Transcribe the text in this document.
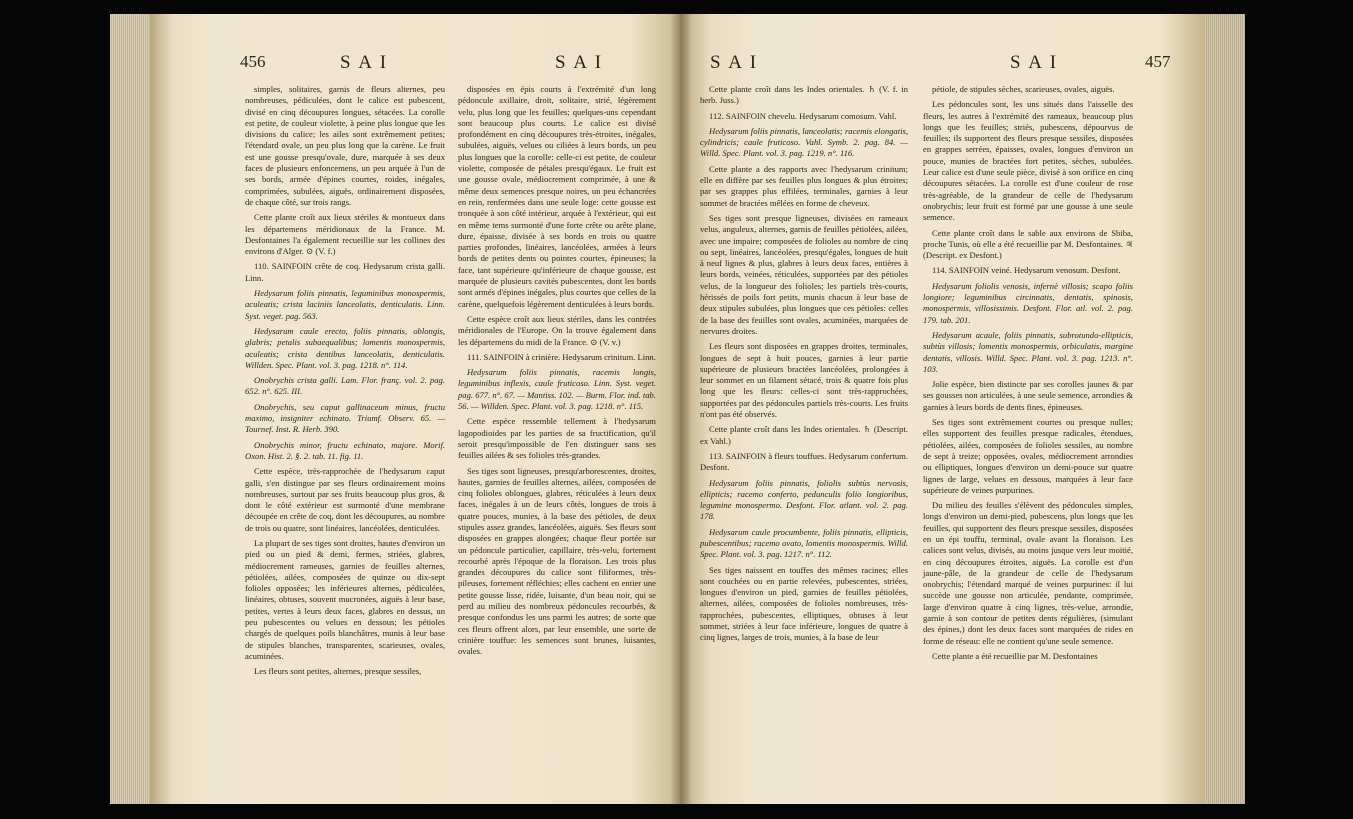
456	S A I	S A I

simples, solitaires, garnis de fleurs alternes, peu nombreuses, pédiculées, dont le calice est pubescent, divisé en cinq découpures longues, sétacées. La corolle est petite, de couleur violette, à peine plus longue que les divisions du calice; les ailes sont extrêmement petites; l'étendard ovale, un peu plus long que la carène. Le fruit est une gousse presqu'ovale, dure, marquée à ses deux faces de plusieurs enfoncemens, un peu arquée à l'un de ses bords, armée d'épines courtes, roides, inégales, comprimées, subulées, aiguës, ordinairement disposées, de chaque côté, sur trois rangs.

Cette plante croît aux lieux stériles & montueux dans les départemens méridionaux de la France. M. Desfontaines l'a également recueillie sur les collines des environs d'Alger. ⊙ (V. f.)

110. SAINFOIN crête de coq. Hedysarum crista galli. Linn.

Hedysarum foliis pinnatis, leguminibus monospermis, aculeatis; crista laciniis lanceolatis, denticulatis. Linn. Syst. veget. pag. 563.

Hedysarum caule erecto, foliis pinnatis, oblongis, glabris; petalis subaequalibus; lomentis monospermis, aculeatis; crista dentibus lanceolatis, denticulatis. Willden. Spec. Plant. vol. 3. pag. 1218. n°. 114.

Onobrychis crista galli. Lam. Flor. franç. vol. 2. pag. 652. n°. 625. III.

Onobrychis, seu caput gallinaceum minus, fructu maximo, insigniter echinato. Triumf. Observ. 65. — Tournef. Inst. R. Herb. 390.

Onobrychis minor, fructu echinato, majore. Morif. Oxon. Hist. 2. §. 2. tab. 11. fig. 11.

Cette espèce, très-rapprochée de l'hedysarum caput galli, s'en distingue par ses fleurs ordinairement moins nombreuses, surtout par ses fruits beaucoup plus gros, & dont le côté extérieur est surmonté d'une membrane découpée en crête de coq, dont les découpures, au nombre de trois ou quatre, sont linéaires, lancéolées, denticulées.

La plupart de ses tiges sont droites, hautes d'environ un pied ou un pied & demi, fermes, striées, glabres, médiocrement rameuses, garnies de feuilles alternes, pétiolées, ailées, composées de quinze ou dix-sept folioles opposées; les inférieures alternes, pédiculées, linéaires, obtuses, souvent mucronées, aiguës à leur base, petites, vertes à leurs deux faces, glabres en dessus, un peu pubescentes ou velues en dessous; les pétioles chargés de quelques poils blanchâtres, munis à leur base de stipules blanches, transparentes, scarieuses, ovales, acuminées.

Les fleurs sont petites, alternes, presque sessiles,

disposées en épis courts à l'extrémité d'un long pédoncule axillaire, droit, solitaire, strié, légèrement velu, plus long que les feuilles; quelques-uns cependant sont beaucoup plus courts. Le calice est divisé profondément en cinq découpures très-étroites, inégales, subulées, aiguës, velues ou ciliées à leurs bords, un peu plus longues que la corolle: celle-ci est petite, de couleur violette, composée de pétales presqu'égaux. Le fruit est une gousse ovale, médiocrement comprimée, à une & même deux semences presque noires, un peu échancrées en rein, renfermées dans une seule loge: cette gousse est tronquée à son côté intérieur, arquée à l'extérieur, qui est en même tems surmonté d'une forte crête ou arête plane, dure, épaisse, divisée à ses bords en trois ou quatre parties profondes, linéaires, lancéolées, armées à leurs bords de petites dents ou pointes courtes, épineuses; la face, tant supérieure qu'inférieure de chaque gousse, est marquée de plusieurs cavités pubescentes, dont les bords sont armés d'épines inégales, plus courtes que celles de la carène, quelquefois légèrement denticulées à leurs bords.

Cette espèce croît aux lieux stériles, dans les contrées méridionales de l'Europe. On la trouve également dans les départemens du midi de la France. ⊙ (V. v.)

111. SAINFOIN à crinière. Hedysarum crinitum. Linn.

Hedysarum foliis pinnatis, racemis longis, leguminibus inflexis, caule fruticoso. Linn. Syst. veget. pag. 677. n°. 67. — Mantiss. 102. — Burm. Flor. ind. tab. 56. — Willden. Spec. Plant. vol. 3. pag. 1218. n°. 115.

Cette espèce ressemble tellement à l'hedysarum lagopodioides par les parties de sa fructification, qu'il seroit presqu'impossible de l'en distinguer sans ses feuilles ailées & ses folioles très-grandes.

Ses tiges sont ligneuses, presqu'arborescentes, droites, hautes, garnies de feuilles alternes, ailées, composées de cinq folioles oblongues, glabres, réticulées à leurs deux faces, inégales à un de leurs côtés, longues de trois à quatre pouces, munies, à la base des pétioles, de deux stipules assez grandes, lancéolées, aiguës. Ses fleurs sont disposées en grappes alongées; chaque fleur portée sur un pédoncule particulier, capillaire, très-velu, fortement recourbé après l'époque de la floraison. Les trois plus grandes découpures du calice sont filiformes, très-pileuses, fortement réfléchies; elles cachent en entier une petite gousse lisse, ridée, luisante, d'un beau noir, qui se perd au milieu des nombreux pédoncules recourbés, & presque confondus les uns parmi les autres; de sorte que ces fleurs offrent alors, par leur ensemble, une sorte de crinière touffue: les semences sont brunes, luisantes, ovales.

S A I	S A I	457

Cette plante croît dans les Indes orientales. ♄ (V. f. in herb. Juss.)

112. SAINFOIN chevelu. Hedysarum comosum. Vahl.

Hedysarum foliis pinnatis, lanceolatis; racemis elongatis, cylindricis; caule fruticoso. Vahl. Symb. 2. pag. 84. — Willd. Spec. Plant. vol. 3. pag. 1219. n°. 116.

Cette plante a des rapports avec l'hedysarum crinitum; elle en diffère par ses feuilles plus longues & plus étroites; par ses grappes plus effilées, terminales, garnies à leur sommet de bractées mêlées en forme de cheveux.

Ses tiges sont presque ligneuses, divisées en rameaux velus, anguleux, alternes, garnis de feuilles pétiolées, ailées, avec une impaire; composées de folioles au nombre de cinq ou sept, linéaires, lancéolées, presqu'égales, longues de huit à neuf lignes & plus, glabres à leurs deux faces, entières à leurs bords, veinées, réticulées, supportées par des pétioles velus, de la longueur des folioles; les partiels très-courts, hérissés de poils fort petits, munis chacun à leur base de deux stipules subulées, plus longues que ces pétioles: celles de la base des feuilles sont ovales, acuminées, marquées de nervures droites.

Les fleurs sont disposées en grappes droites, terminales, longues de sept à huit pouces, garnies à leur partie supérieure de plusieurs bractées lancéolées, prolongées à leur sommet en un filament sétacé, trois & quatre fois plus long que les fleurs: celles-ci sont très-rapprochées, supportées par des pédoncules partiels très-courts. Les fruits n'ont pas été observés.

Cette plante croît dans les Indes orientales. ♄ (Descript. ex Vahl.)

113. SAINFOIN à fleurs touffues. Hedysarum confertum. Desfont.

Hedysarum foliis pinnatis, foliolis subtùs nervosis, ellipticis; racemo conferto, pedunculis folio longioribus, legumine monospermo. Desfont. Flor. atlant. vol. 2. pag. 178.

Hedysarum caule procumbente, foliis pinnatis, ellipticis, pubescentibus; racemo ovato, lomentis monospermis. Willd. Spec. Plant. vol. 3. pag. 1217. n°. 112.

Ses tiges naissent en touffes des mêmes racines; elles sont couchées ou en partie relevées, pubescentes, striées, longues d'environ un pied, garnies de feuilles pétiolées, alternes, ailées, composées de folioles nombreuses, très-rapprochées, pubescentes, elliptiques, obtuses à leur sommet, striées à leur face inférieure, longues de quatre à cinq lignes, larges de trois, munies, à la base de leur

pétiole, de stipules sèches, scarieuses, ovales, aiguës.

Les pédoncules sont, les uns situés dans l'aisselle des fleurs, les autres à l'extrémité des rameaux, beaucoup plus longs que les feuilles; striés, pubescens, dépourvus de feuilles; ils supportent des fleurs presque sessiles, disposées en grappes serrées, épaisses, ovales, longues d'environ un pouce, munies de bractées fort petites, sèches, subulées. Leur calice est d'une seule pièce, divisé à son orifice en cinq découpures sétacées. La corolle est d'une couleur de rose très-agréable, de la grandeur de celle de l'hedysarum onobrychis; leur fruit est formé par une gousse à une seule semence.

Cette plante croît dans le sable aux environs de Sbiba, proche Tunis, où elle a été recueillie par M. Desfontaines. ♃ (Descript. ex Desfont.)

114. SAINFOIN veiné. Hedysarum venosum. Desfont.

Hedysarum foliolis venosis, infernè villosis; scapo foliis longiore; leguminibus circinnatis, dentatis, spinosis, monospermis, villosissimis. Desfont. Flor. atl. vol. 2. pag. 179. tab. 201.

Hedysarum acaule, foliis pinnatis, subrotundo-ellipticis, subtùs villosis; lomentis monospermis, orbiculatis, margine dentatis, villosis. Willd. Spec. Plant. vol. 3. pag. 1213. n°. 103.

Jolie espèce, bien distincte par ses corolles jaunes & par ses gousses non articulées, à une seule semence, arrondies & garnies à leurs bords de dents fines, épineuses.

Ses tiges sont extrêmement courtes ou presque nulles; elles supportent des feuilles presque radicales, étendues, pétiolées, ailées, composées de folioles sessiles, au nombre de sept à treize; opposées, ovales, médiocrement arrondies ou elliptiques, longues d'environ un demi-pouce sur quatre lignes de large, velues en dessous, marquées à leur face supérieure de veines purpurines.

Du milieu des feuilles s'élèvent des pédoncules simples, longs d'environ un demi-pied, pubescens, plus longs que les feuilles, qui supportent des fleurs presque sessiles, disposées en un épi touffu, terminal, ovale avant la floraison. Les calices sont velus, divisés, au moins jusque vers leur moitié, en cinq découpures étroites, aiguës. La corolle est d'un jaune-pâle, de la grandeur de celle de l'hedysarum onobrychis; l'étendard marqué de veines purpurines: il lui succède une gousse non articulée, pendante, comprimée, large d'environ quatre à cinq lignes, très-velue, arrondie, garnie à son contour de petites dents régulières, (simulant des épines,) dont les deux faces sont marquées de rides en forme de réseau: elle ne contient qu'une seule semence.

Cette plante a été recueillie par M. Desfontaines
